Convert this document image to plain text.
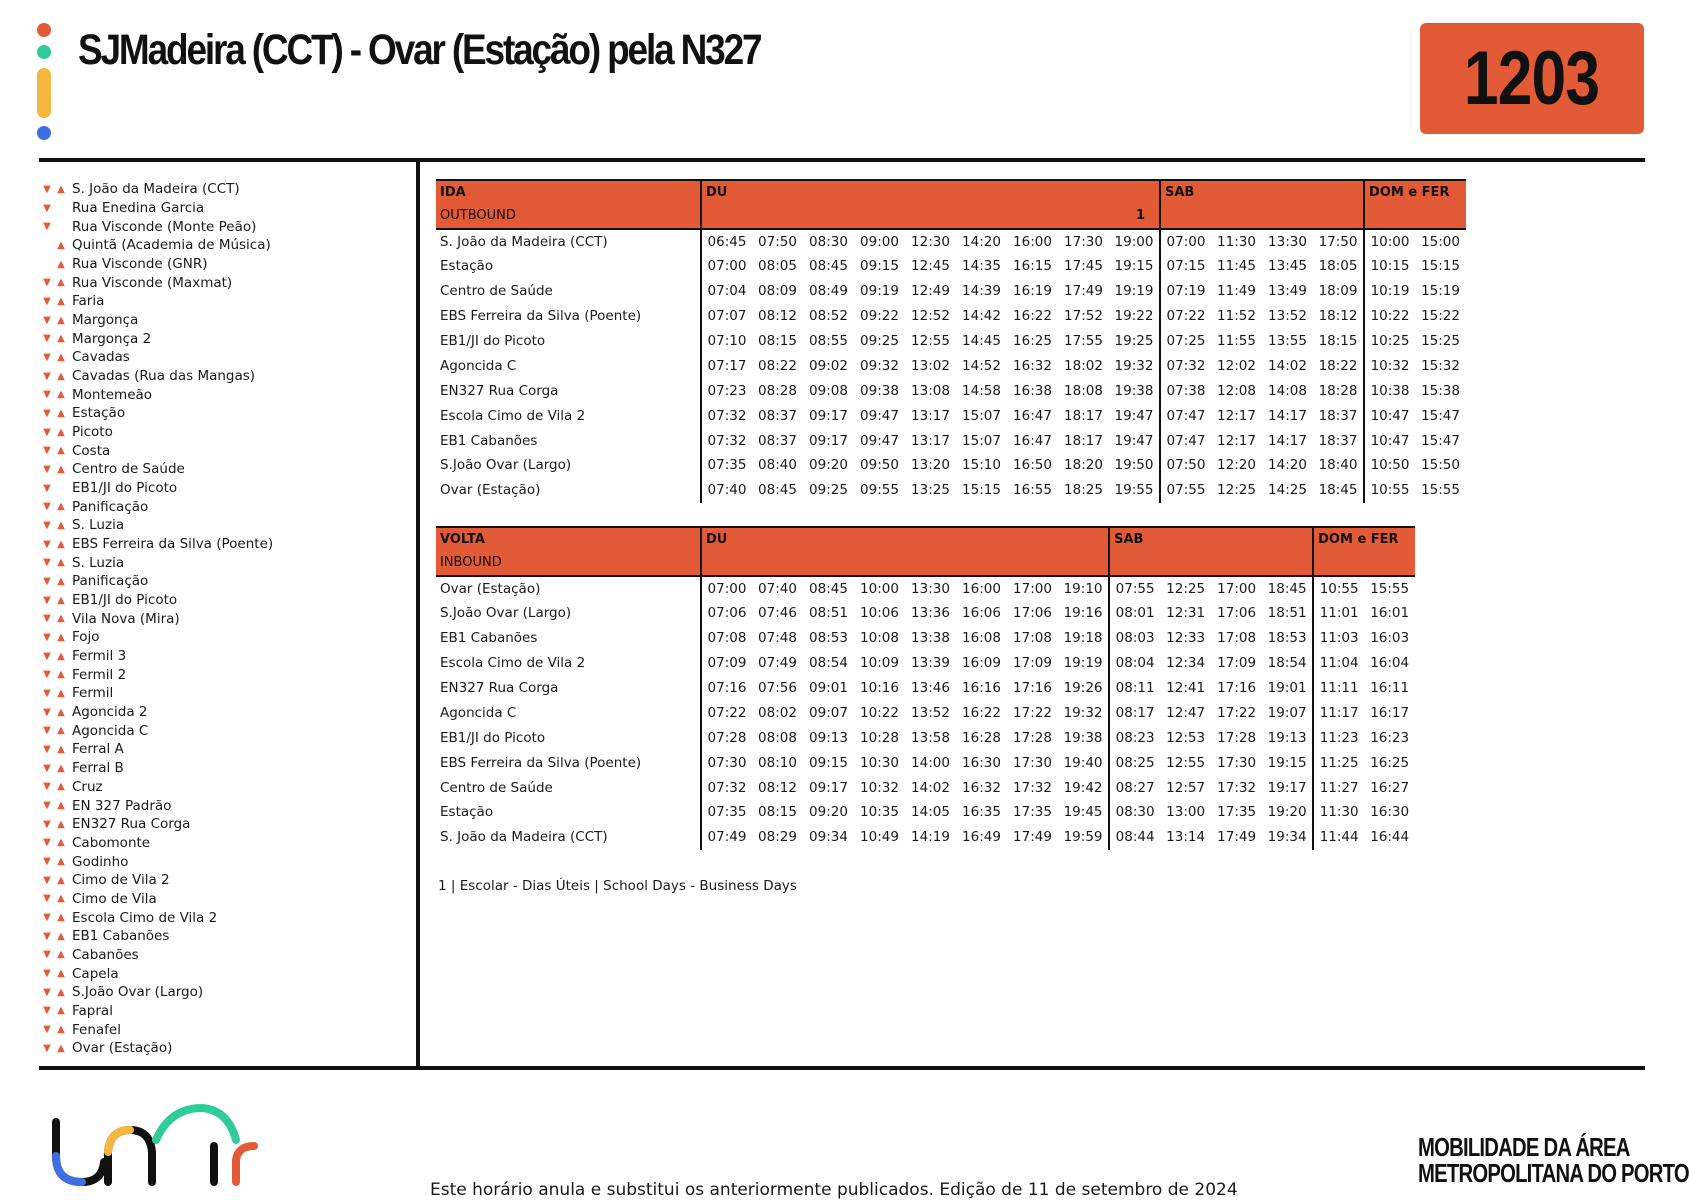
SJMadeira (CCT) - Ovar (Estação) pela N327	1203
▼ ▲ S. João da Madeira (CCT)
▼ Rua Enedina Garcia
▼ Rua Visconde (Monte Peão)
▲ Quintã (Academia de Música)
▲ Rua Visconde (GNR)
▼ ▲ Rua Visconde (Maxmat)
▼ ▲ Faria
▼ ▲ Margonça
▼ ▲ Margonça 2
▼ ▲ Cavadas
▼ ▲ Cavadas (Rua das Mangas)
▼ ▲ Montemeão
▼ ▲ Estação
▼ ▲ Picoto
▼ ▲ Costa
▼ ▲ Centro de Saúde
▼ EB1/JI do Picoto
▼ ▲ Panificação
▼ ▲ S. Luzia
▼ ▲ EBS Ferreira da Silva (Poente)
▼ ▲ S. Luzia
▼ ▲ Panificação
▼ ▲ EB1/JI do Picoto
▼ ▲ Vila Nova (Mira)
▼ ▲ Fojo
▼ ▲ Fermil 3
▼ ▲ Fermil 2
▼ ▲ Fermil
▼ ▲ Agoncida 2
▼ ▲ Agoncida C
▼ ▲ Ferral A
▼ ▲ Ferral B
▼ ▲ Cruz
▼ ▲ EN 327 Padrão
▼ ▲ EN327 Rua Corga
▼ ▲ Cabomonte
▼ ▲ Godinho
▼ ▲ Cimo de Vila 2
▼ ▲ Cimo de Vila
▼ ▲ Escola Cimo de Vila 2
▼ ▲ EB1 Cabanões
▼ ▲ Cabanões
▼ ▲ Capela
▼ ▲ S.João Ovar (Largo)
▼ ▲ Fapral
▼ ▲ Fenafel
▼ ▲ Ovar (Estação)
IDA	DU									SAB				DOM e FER	
OUTBOUND	1														
S. João da Madeira (CCT)	06:45	07:50	08:30	09:00	12:30	14:20	16:00	17:30	19:00	07:00	11:30	13:30	17:50	10:00	15:00
Estação	07:00	08:05	08:45	09:15	12:45	14:35	16:15	17:45	19:15	07:15	11:45	13:45	18:05	10:15	15:15
Centro de Saúde	07:04	08:09	08:49	09:19	12:49	14:39	16:19	17:49	19:19	07:19	11:49	13:49	18:09	10:19	15:19
EBS Ferreira da Silva (Poente)	07:07	08:12	08:52	09:22	12:52	14:42	16:22	17:52	19:22	07:22	11:52	13:52	18:12	10:22	15:22
EB1/JI do Picoto	07:10	08:15	08:55	09:25	12:55	14:45	16:25	17:55	19:25	07:25	11:55	13:55	18:15	10:25	15:25
Agoncida C	07:17	08:22	09:02	09:32	13:02	14:52	16:32	18:02	19:32	07:32	12:02	14:02	18:22	10:32	15:32
EN327 Rua Corga	07:23	08:28	09:08	09:38	13:08	14:58	16:38	18:08	19:38	07:38	12:08	14:08	18:28	10:38	15:38
Escola Cimo de Vila 2	07:32	08:37	09:17	09:47	13:17	15:07	16:47	18:17	19:47	07:47	12:17	14:17	18:37	10:47	15:47
EB1 Cabanões	07:32	08:37	09:17	09:47	13:17	15:07	16:47	18:17	19:47	07:47	12:17	14:17	18:37	10:47	15:47
S.João Ovar (Largo)	07:35	08:40	09:20	09:50	13:20	15:10	16:50	18:20	19:50	07:50	12:20	14:20	18:40	10:50	15:50
Ovar (Estação)	07:40	08:45	09:25	09:55	13:25	15:15	16:55	18:25	19:55	07:55	12:25	14:25	18:45	10:55	15:55
VOLTA	DU								SAB				DOM e FER	
INBOUND														
Ovar (Estação)	07:00	07:40	08:45	10:00	13:30	16:00	17:00	19:10	07:55	12:25	17:00	18:45	10:55	15:55
S.João Ovar (Largo)	07:06	07:46	08:51	10:06	13:36	16:06	17:06	19:16	08:01	12:31	17:06	18:51	11:01	16:01
EB1 Cabanões	07:08	07:48	08:53	10:08	13:38	16:08	17:08	19:18	08:03	12:33	17:08	18:53	11:03	16:03
Escola Cimo de Vila 2	07:09	07:49	08:54	10:09	13:39	16:09	17:09	19:19	08:04	12:34	17:09	18:54	11:04	16:04
EN327 Rua Corga	07:16	07:56	09:01	10:16	13:46	16:16	17:16	19:26	08:11	12:41	17:16	19:01	11:11	16:11
Agoncida C	07:22	08:02	09:07	10:22	13:52	16:22	17:22	19:32	08:17	12:47	17:22	19:07	11:17	16:17
EB1/JI do Picoto	07:28	08:08	09:13	10:28	13:58	16:28	17:28	19:38	08:23	12:53	17:28	19:13	11:23	16:23
EBS Ferreira da Silva (Poente)	07:30	08:10	09:15	10:30	14:00	16:30	17:30	19:40	08:25	12:55	17:30	19:15	11:25	16:25
Centro de Saúde	07:32	08:12	09:17	10:32	14:02	16:32	17:32	19:42	08:27	12:57	17:32	19:17	11:27	16:27
Estação	07:35	08:15	09:20	10:35	14:05	16:35	17:35	19:45	08:30	13:00	17:35	19:20	11:30	16:30
S. João da Madeira (CCT)	07:49	08:29	09:34	10:49	14:19	16:49	17:49	19:59	08:44	13:14	17:49	19:34	11:44	16:44
1 | Escolar - Dias Úteis | School Days - Business Days
unir
Este horário anula e substitui os anteriormente publicados. Edição de 11 de setembro de 2024
MOBILIDADE DA ÁREA
METROPOLITANA DO PORTO
